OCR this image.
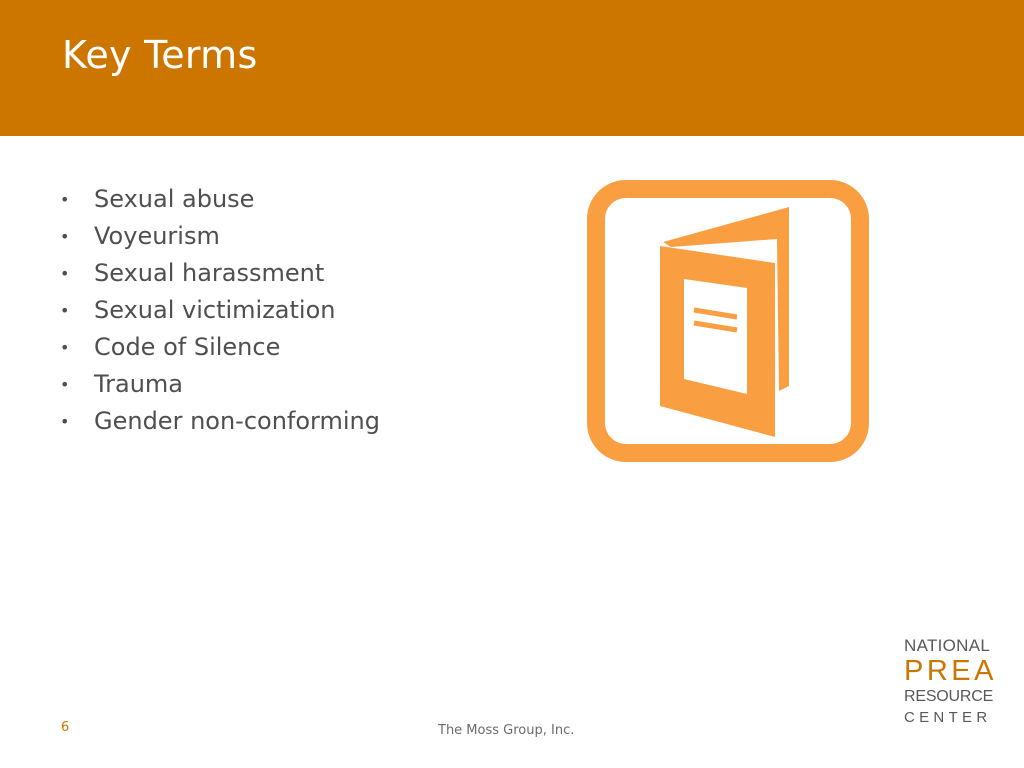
Key Terms
• Sexual abuse
• Voyeurism
• Sexual harassment
• Sexual victimization
• Code of Silence
• Trauma
• Gender non-conforming
6	The Moss Group, Inc.
NATIONAL
PREA
RESOURCE
CENTER
